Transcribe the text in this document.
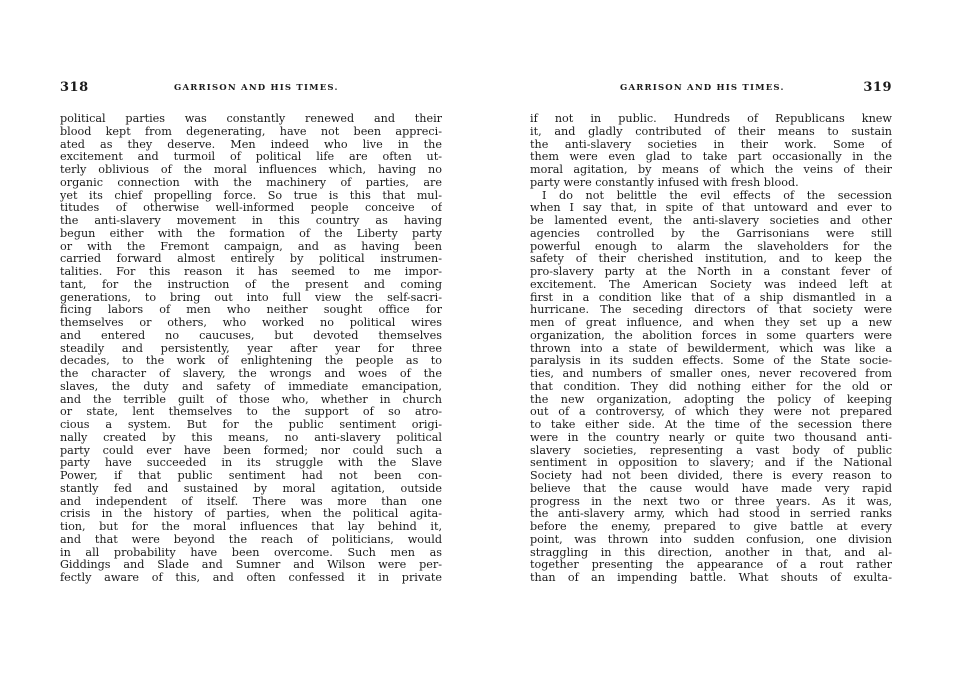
318	GARRISON AND HIS TIMES.
political parties was constantly renewed and their
blood kept from degenerating, have not been appreci-
ated as they deserve. Men indeed who live in the
excitement and turmoil of political life are often ut-
terly oblivious of the moral influences which, having no
organic connection with the machinery of parties, are
yet its chief propelling force. So true is this that mul-
titudes of otherwise well-informed people conceive of
the anti-slavery movement in this country as having
begun either with the formation of the Liberty party
or with the Fremont campaign, and as having been
carried forward almost entirely by political instrumen-
talities. For this reason it has seemed to me impor-
tant, for the instruction of the present and coming
generations, to bring out into full view the self-sacri-
ficing labors of men who neither sought office for
themselves or others, who worked no political wires
and entered no caucuses, but devoted themselves
steadily and persistently, year after year for three
decades, to the work of enlightening the people as to
the character of slavery, the wrongs and woes of the
slaves, the duty and safety of immediate emancipation,
and the terrible guilt of those who, whether in church
or state, lent themselves to the support of so atro-
cious a system. But for the public sentiment origi-
nally created by this means, no anti-slavery political
party could ever have been formed; nor could such a
party have succeeded in its struggle with the Slave
Power, if that public sentiment had not been con-
stantly fed and sustained by moral agitation, outside
and independent of itself. There was more than one
crisis in the history of parties, when the political agita-
tion, but for the moral influences that lay behind it,
and that were beyond the reach of politicians, would
in all probability have been overcome. Such men as
Giddings and Slade and Sumner and Wilson were per-
fectly aware of this, and often confessed it in private
GARRISON AND HIS TIMES.	319
if not in public. Hundreds of Republicans knew
it, and gladly contributed of their means to sustain
the anti-slavery societies in their work. Some of
them were even glad to take part occasionally in the
moral agitation, by means of which the veins of their
party were constantly infused with fresh blood.
I do not belittle the evil effects of the secession
when I say that, in spite of that untoward and ever to
be lamented event, the anti-slavery societies and other
agencies controlled by the Garrisonians were still
powerful enough to alarm the slaveholders for the
safety of their cherished institution, and to keep the
pro-slavery party at the North in a constant fever of
excitement. The American Society was indeed left at
first in a condition like that of a ship dismantled in a
hurricane. The seceding directors of that society were
men of great influence, and when they set up a new
organization, the abolition forces in some quarters were
thrown into a state of bewilderment, which was like a
paralysis in its sudden effects. Some of the State socie-
ties, and numbers of smaller ones, never recovered from
that condition. They did nothing either for the old or
the new organization, adopting the policy of keeping
out of a controversy, of which they were not prepared
to take either side. At the time of the secession there
were in the country nearly or quite two thousand anti-
slavery societies, representing a vast body of public
sentiment in opposition to slavery; and if the National
Society had not been divided, there is every reason to
believe that the cause would have made very rapid
progress in the next two or three years. As it was,
the anti-slavery army, which had stood in serried ranks
before the enemy, prepared to give battle at every
point, was thrown into sudden confusion, one division
straggling in this direction, another in that, and al-
together presenting the appearance of a rout rather
than of an impending battle. What shouts of exulta-
